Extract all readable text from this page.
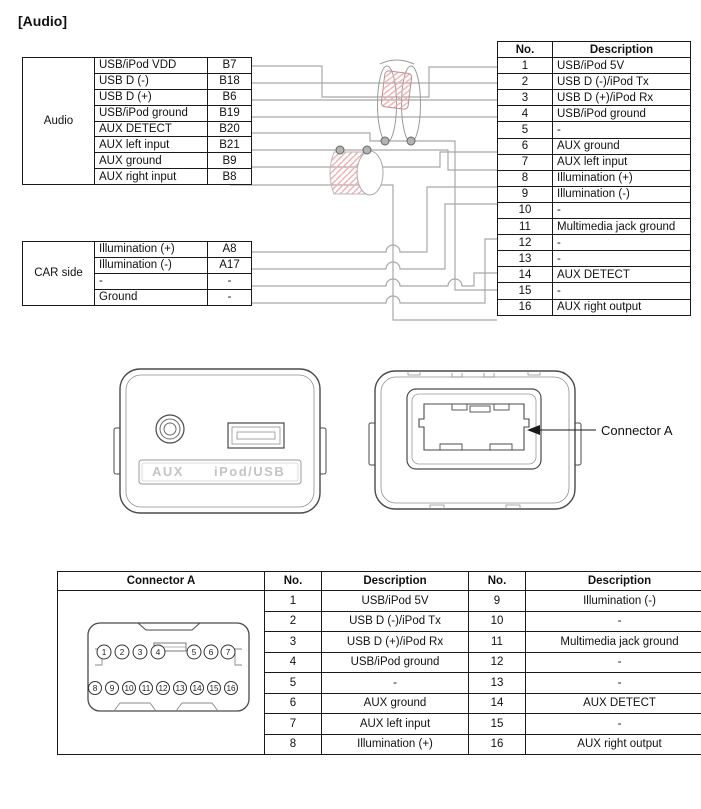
[Audio]
Audio	USB/iPod VDD	B7
	USB D (-)	B18
	USB D (+)	B6
	USB/iPod ground	B19
	AUX DETECT	B20
	AUX left input	B21
	AUX ground	B9
	AUX right input	B8
CAR side	Illumination (+)	A8
	Illumination (-)	A17
	-	-
	Ground	-
No.	Description
1	USB/iPod 5V
2	USB D (-)/iPod Tx
3	USB D (+)/iPod Rx
4	USB/iPod ground
5	-
6	AUX ground
7	AUX left input
8	Illumination (+)
9	Illumination (-)
10	-
11	Multimedia jack ground
12	-
13	-
14	AUX DETECT
15	-
16	AUX right output
AUX iPod/USB
Connector A
Connector A	No.	Description	No.	Description

1 2 3 4	5 6 7
8 9 10 11 12 13 14 15 16
	1	USB/iPod 5V	9	Illumination (-)
	2	USB D (-)/iPod Tx	10	-
	3	USB D (+)/iPod Rx	11	Multimedia jack ground
	4	USB/iPod ground	12	-
	5	-	13	-
	6	AUX ground	14	AUX DETECT
	7	AUX left input	15	-
	8	Illumination (+)	16	AUX right output
